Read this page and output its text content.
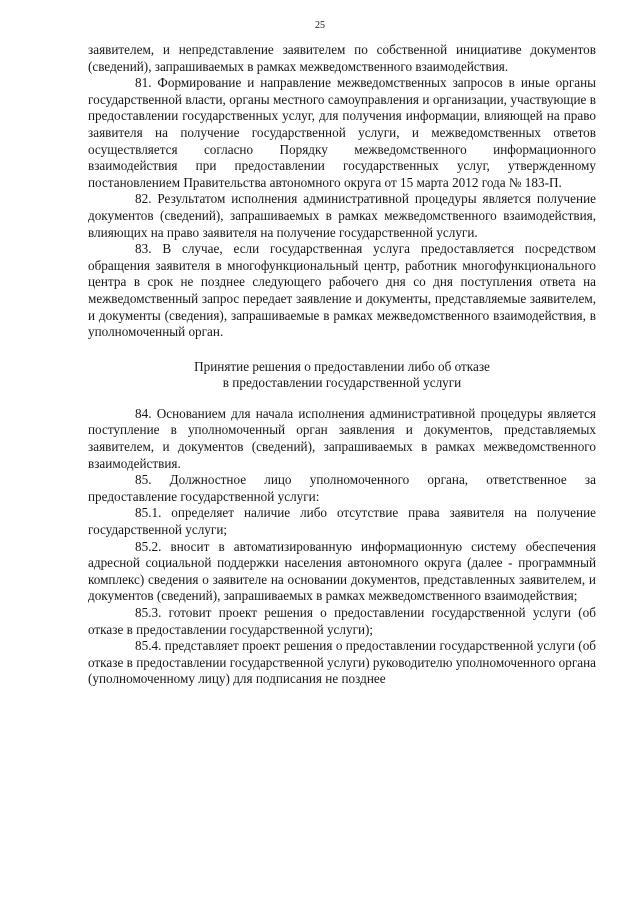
25

заявителем, и непредставление заявителем по собственной инициативе документов (сведений), запрашиваемых в рамках межведомственного взаимодействия.

81. Формирование и направление межведомственных запросов в иные органы государственной власти, органы местного самоуправления и организации, участвующие в предоставлении государственных услуг, для получения информации, влияющей на право заявителя на получение государственной услуги, и межведомственных ответов осуществляется согласно Порядку межведомственного информационного взаимодействия при предоставлении государственных услуг, утвержденному постановлением Правительства автономного округа от 15 марта 2012 года № 183-П.

82. Результатом исполнения административной процедуры является получение документов (сведений), запрашиваемых в рамках межведомственного взаимодействия, влияющих на право заявителя на получение государственной услуги.

83. В случае, если государственная услуга предоставляется посредством обращения заявителя в многофункциональный центр, работник многофункционального центра в срок не позднее следующего рабочего дня со дня поступления ответа на межведомственный запрос передает заявление и документы, представляемые заявителем, и документы (сведения), запрашиваемые в рамках межведомственного взаимодействия, в уполномоченный орган.

Принятие решения о предоставлении либо об отказе
в предоставлении государственной услуги

84. Основанием для начала исполнения административной процедуры является поступление в уполномоченный орган заявления и документов, представляемых заявителем, и документов (сведений), запрашиваемых в рамках межведомственного взаимодействия.

85. Должностное лицо уполномоченного органа, ответственное за предоставление государственной услуги:

85.1. определяет наличие либо отсутствие права заявителя на получение государственной услуги;

85.2. вносит в автоматизированную информационную систему обеспечения адресной социальной поддержки населения автономного округа (далее - программный комплекс) сведения о заявителе на основании документов, представленных заявителем, и документов (сведений), запрашиваемых в рамках межведомственного взаимодействия;

85.3. готовит проект решения о предоставлении государственной услуги (об отказе в предоставлении государственной услуги);

85.4. представляет проект решения о предоставлении государственной услуги (об отказе в предоставлении государственной услуги) руководителю уполномоченного органа (уполномоченному лицу) для подписания не позднее
